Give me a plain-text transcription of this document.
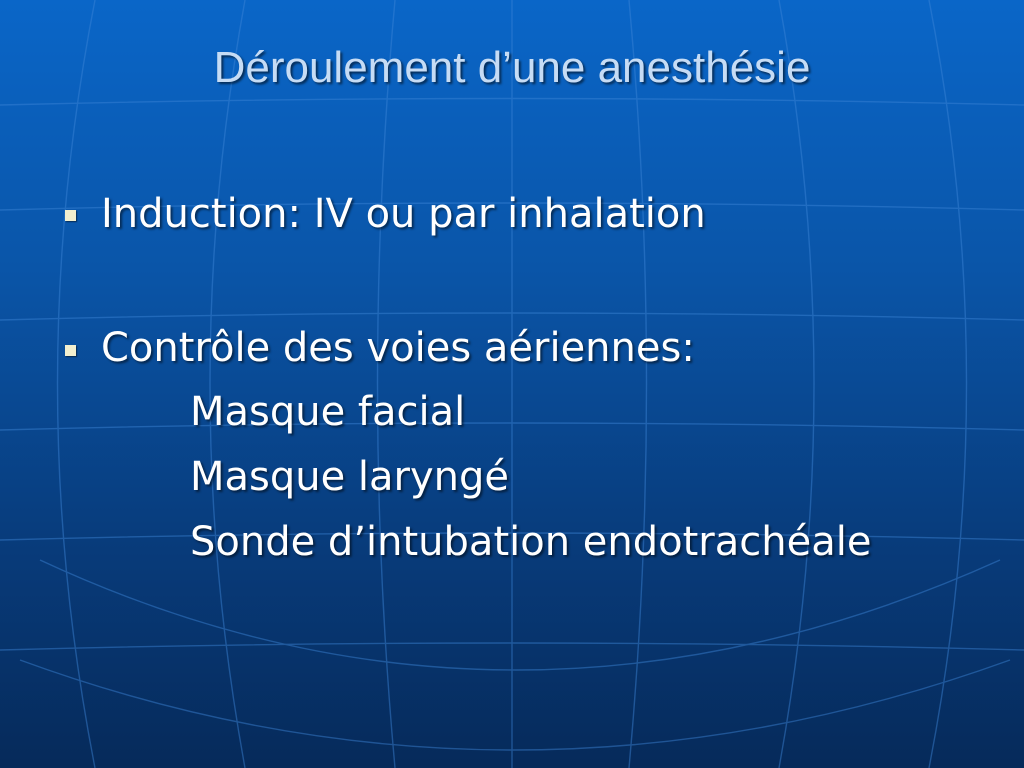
Déroulement d’une anesthésie
Induction: IV ou par inhalation
Contrôle des voies aériennes:
Masque facial
Masque laryngé
Sonde d’intubation endotrachéale
